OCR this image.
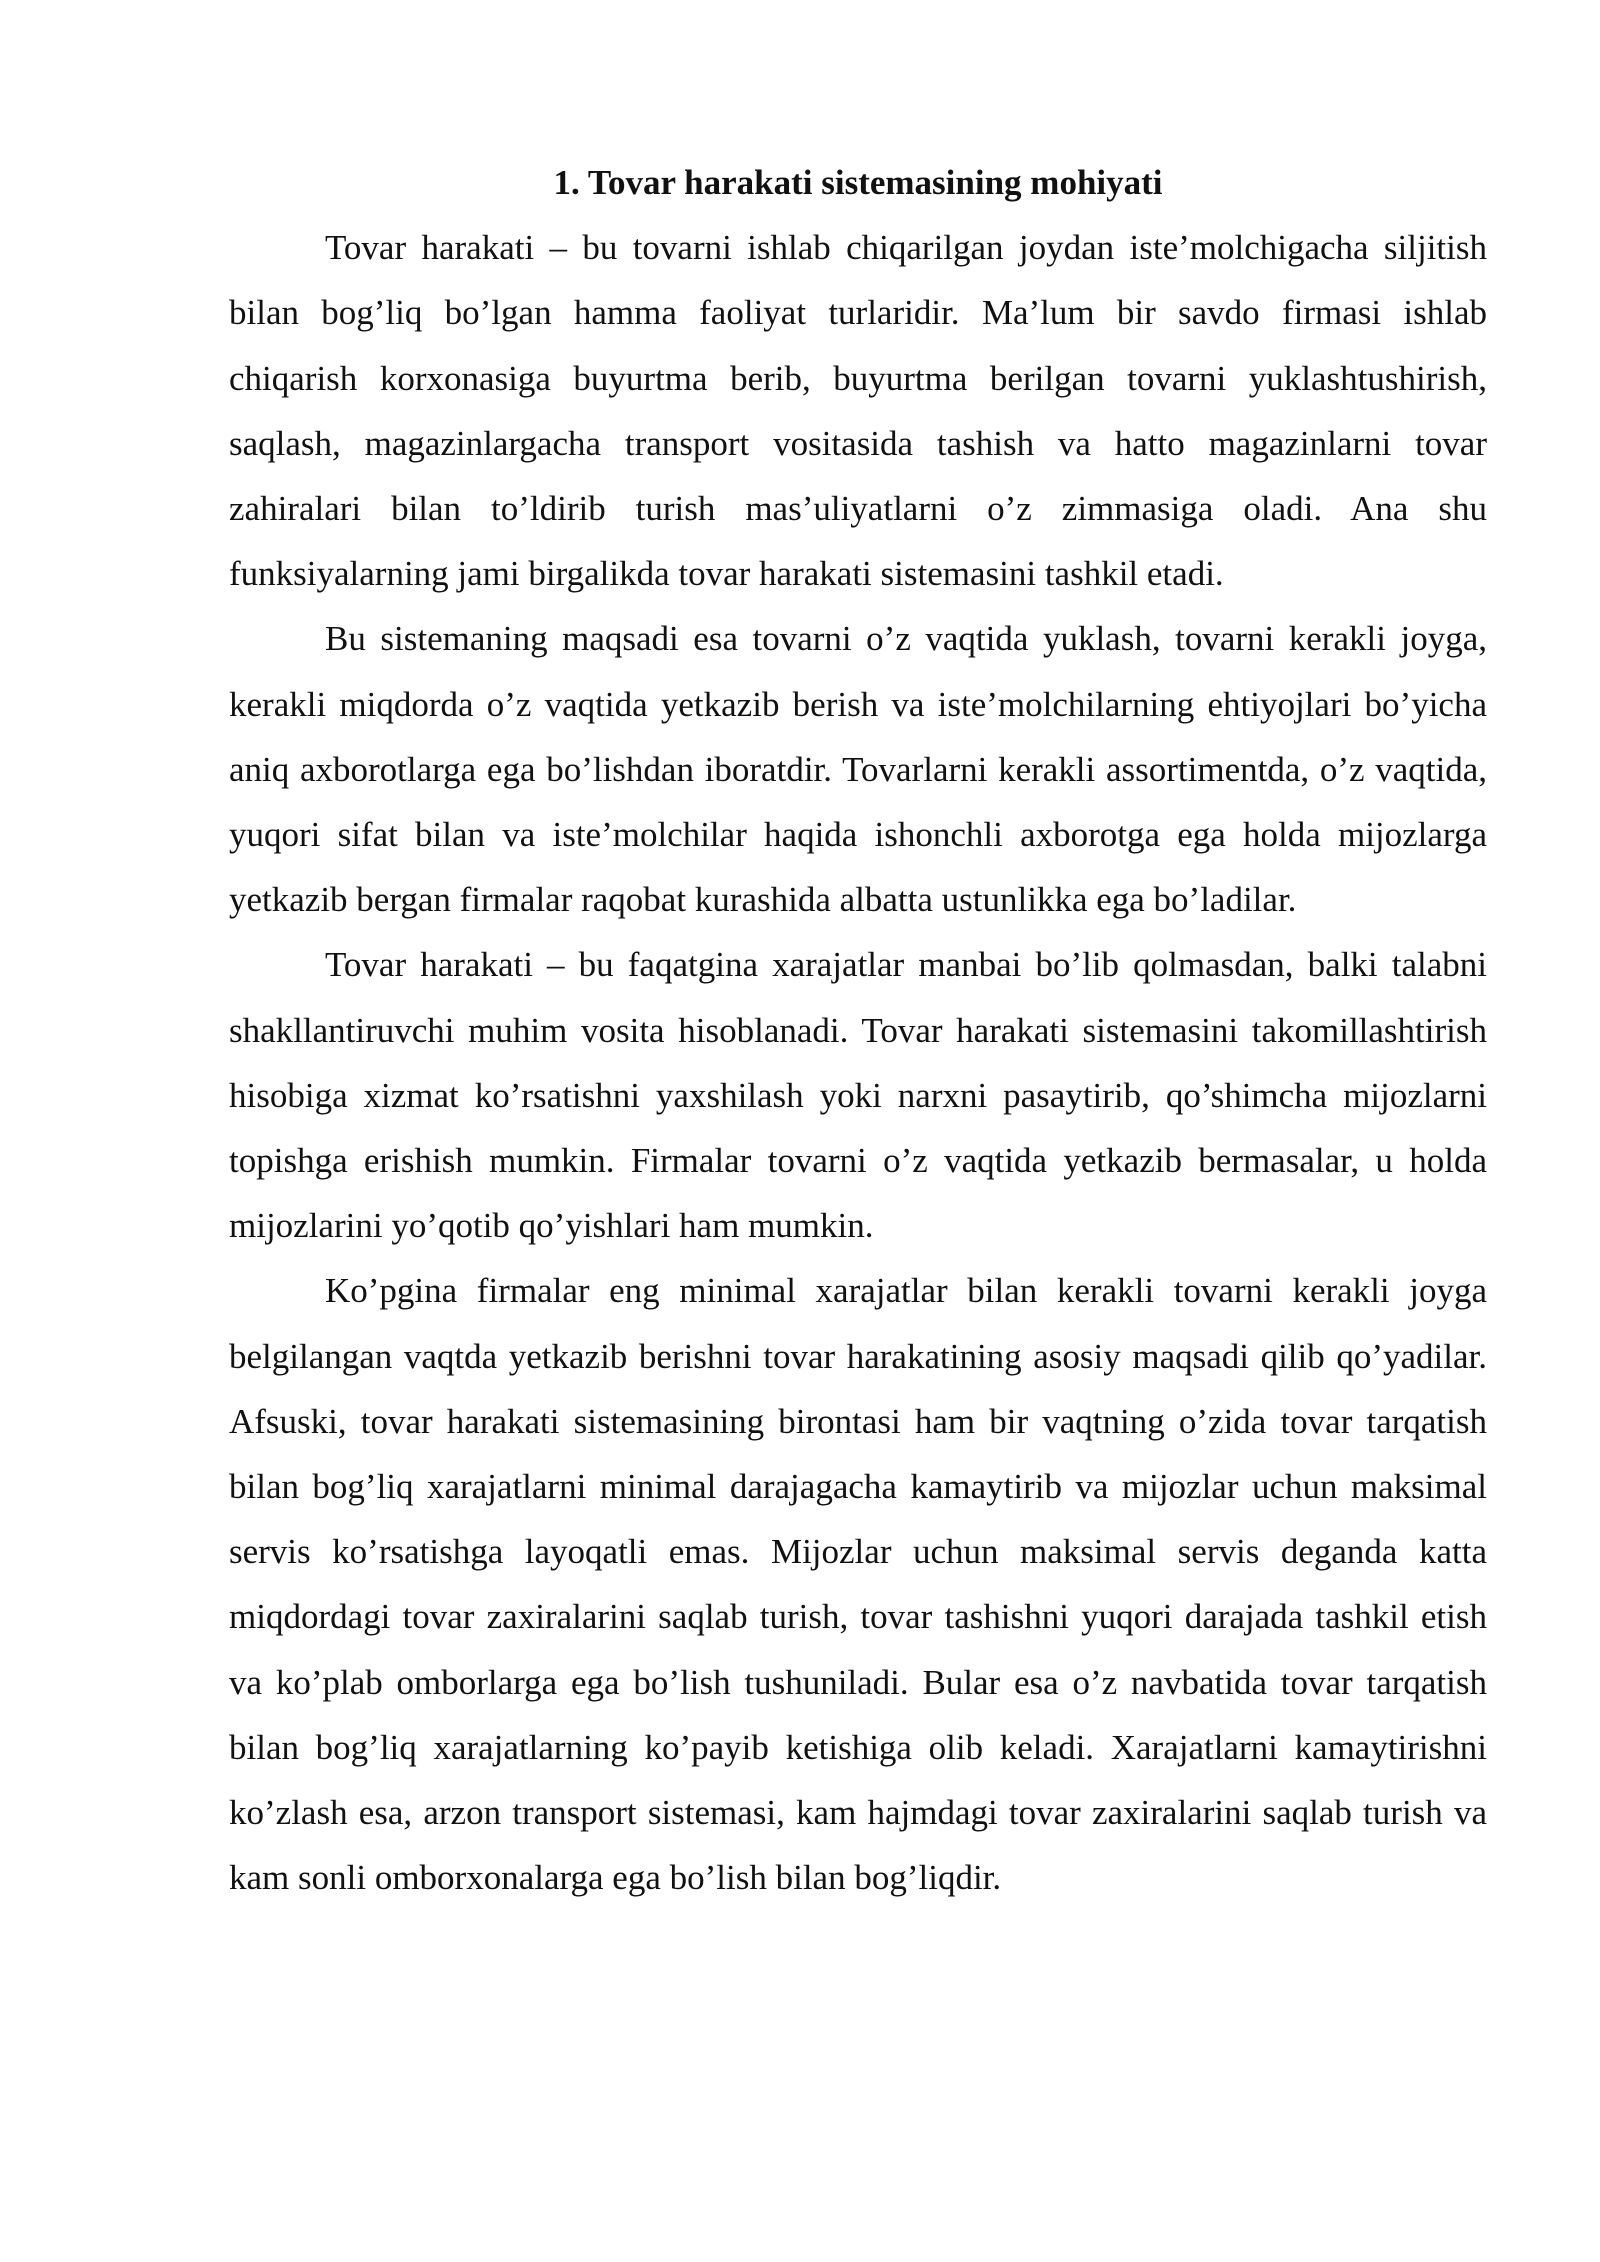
1. Tovar harakati sistemasining mohiyati

Tovar harakati – bu tovarni ishlab chiqarilgan joydan iste’molchigacha siljitish bilan bog’liq bo’lgan hamma faoliyat turlaridir. Ma’lum bir savdo firmasi ishlab chiqarish korxonasiga buyurtma berib, buyurtma berilgan tovarni yuklashtushirish, saqlash, magazinlargacha transport vositasida tashish va hatto magazinlarni tovar zahiralari bilan to’ldirib turish mas’uliyatlarni o’z zimmasiga oladi. Ana shu funksiyalarning jami birgalikda tovar harakati sistemasini tashkil etadi.

Bu sistemaning maqsadi esa tovarni o’z vaqtida yuklash, tovarni kerakli joyga, kerakli miqdorda o’z vaqtida yetkazib berish va iste’molchilarning ehtiyojlari bo’yicha aniq axborotlarga ega bo’lishdan iboratdir. Tovarlarni kerakli assortimentda, o’z vaqtida, yuqori sifat bilan va iste’molchilar haqida ishonchli axborotga ega holda mijozlarga yetkazib bergan firmalar raqobat kurashida albatta ustunlikka ega bo’ladilar.

Tovar harakati – bu faqatgina xarajatlar manbai bo’lib qolmasdan, balki talabni shakllantiruvchi muhim vosita hisoblanadi. Tovar harakati sistemasini takomillashtirish hisobiga xizmat ko’rsatishni yaxshilash yoki narxni pasaytirib, qo’shimcha mijozlarni topishga erishish mumkin. Firmalar tovarni o’z vaqtida yetkazib bermasalar, u holda mijozlarini yo’qotib qo’yishlari ham mumkin.

Ko’pgina firmalar eng minimal xarajatlar bilan kerakli tovarni kerakli joyga belgilangan vaqtda yetkazib berishni tovar harakatining asosiy maqsadi qilib qo’yadilar. Afsuski, tovar harakati sistemasining birontasi ham bir vaqtning o’zida tovar tarqatish bilan bog’liq xarajatlarni minimal darajagacha kamaytirib va mijozlar uchun maksimal servis ko’rsatishga layoqatli emas. Mijozlar uchun maksimal servis deganda katta miqdordagi tovar zaxiralarini saqlab turish, tovar tashishni yuqori darajada tashkil etish va ko’plab omborlarga ega bo’lish tushuniladi. Bular esa o’z navbatida tovar tarqatish bilan bog’liq xarajatlarning ko’payib ketishiga olib keladi. Xarajatlarni kamaytirishni ko’zlash esa, arzon transport sistemasi, kam hajmdagi tovar zaxiralarini saqlab turish va kam sonli omborxonalarga ega bo’lish bilan bog’liqdir.
